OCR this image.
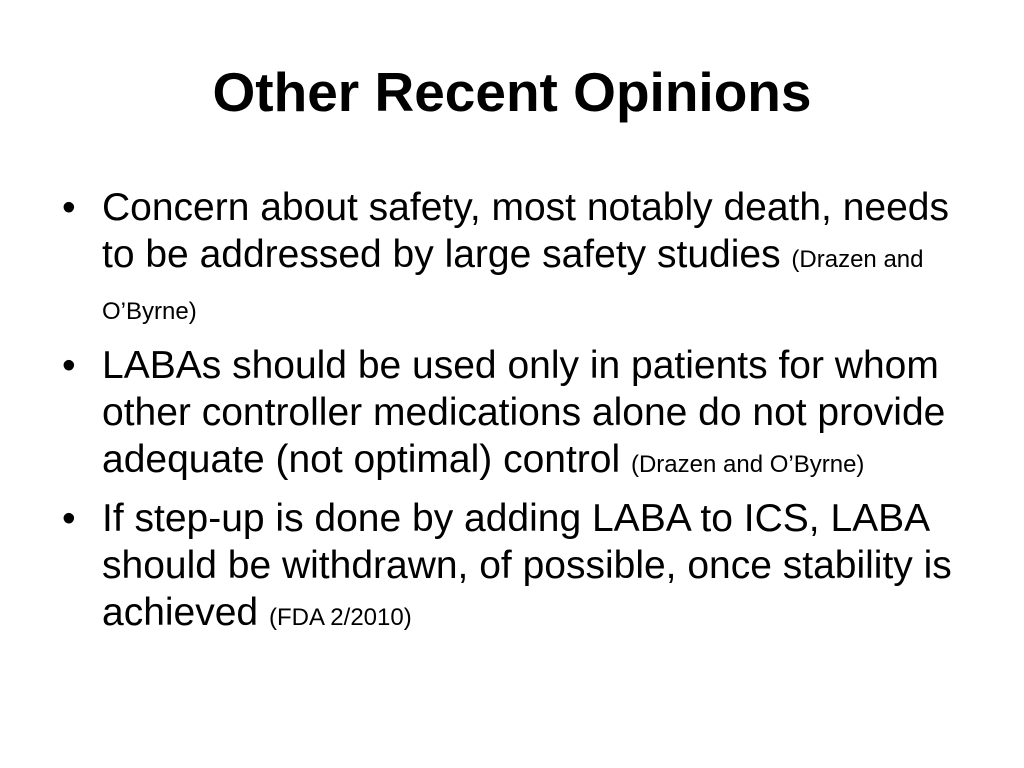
Other Recent Opinions
• Concern about safety, most notably death, needs to be addressed by large safety studies (Drazen and O’Byrne)
• LABAs should be used only in patients for whom other controller medications alone do not provide adequate (not optimal) control (Drazen and O’Byrne)
• If step-up is done by adding LABA to ICS, LABA should be withdrawn, of possible, once stability is achieved (FDA 2/2010)
